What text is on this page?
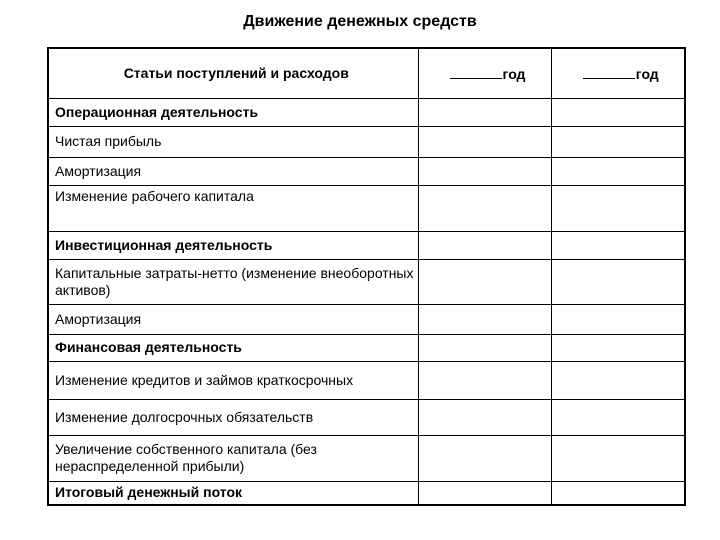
Движение денежных средств
Статьи поступлений и расходов	год	год
Операционная деятельность		
Чистая прибыль		
Амортизация		
Изменение рабочего капитала		
Инвестиционная деятельность		
Капитальные затраты-нетто (изменение внеоборотных активов)		
Амортизация		
Финансовая деятельность		
Изменение кредитов и займов краткосрочных		
Изменение долгосрочных обязательств		
Увеличение собственного капитала (без нераспределенной прибыли)		
Итоговый денежный поток		
